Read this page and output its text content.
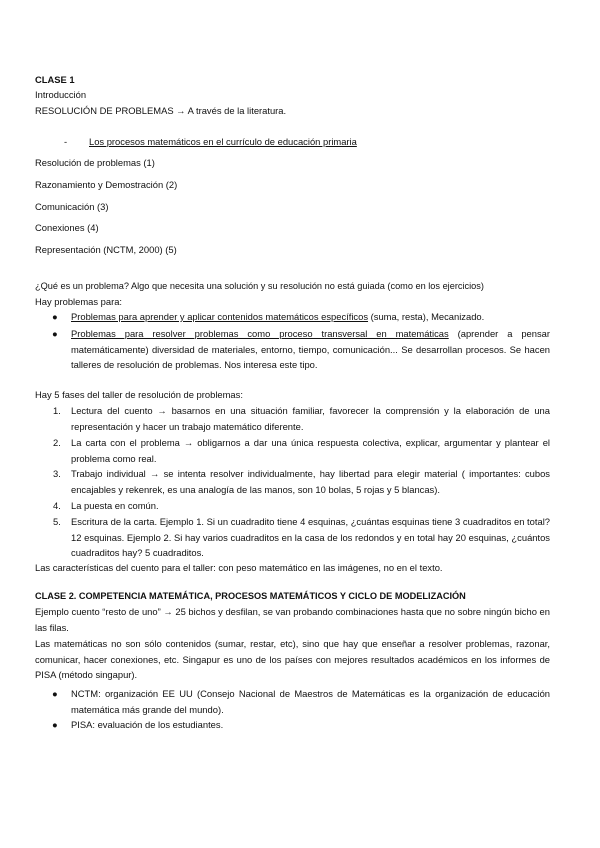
CLASE 1
Introducción
RESOLUCIÓN DE PROBLEMAS → A través de la literatura.
- Los procesos matemáticos en el currículo de educación primaria
Resolución de problemas (1)
Razonamiento y Demostración (2)
Comunicación (3)
Conexiones (4)
Representación (NCTM, 2000) (5)
¿Qué es un problema? Algo que necesita una solución y su resolución no está guiada (como en los ejercicios)
Hay problemas para:
● Problemas para aprender y aplicar contenidos matemáticos específicos (suma, resta), Mecanizado.
● Problemas para resolver problemas como proceso transversal en matemáticas (aprender a pensar matemáticamente) diversidad de materiales, entorno, tiempo, comunicación... Se desarrollan procesos. Se hacen talleres de resolución de problemas. Nos interesa este tipo.
Hay 5 fases del taller de resolución de problemas:
1. Lectura del cuento → basarnos en una situación familiar, favorecer la comprensión y la elaboración de una representación y hacer un trabajo matemático diferente.
2. La carta con el problema → obligarnos a dar una única respuesta colectiva, explicar, argumentar y plantear el problema como real.
3. Trabajo individual → se intenta resolver individualmente, hay libertad para elegir material ( importantes: cubos encajables y rekenrek, es una analogía de las manos, son 10 bolas, 5 rojas y 5 blancas).
4. La puesta en común.
5. Escritura de la carta. Ejemplo 1. Si un cuadradito tiene 4 esquinas, ¿cuántas esquinas tiene 3 cuadraditos en total? 12 esquinas. Ejemplo 2. Si hay varios cuadraditos en la casa de los redondos y en total hay 20 esquinas, ¿cuántos cuadraditos hay? 5 cuadraditos.
Las características del cuento para el taller: con peso matemático en las imágenes, no en el texto.
CLASE 2. COMPETENCIA MATEMÁTICA, PROCESOS MATEMÁTICOS Y CICLO DE MODELIZACIÓN
Ejemplo cuento “resto de uno” → 25 bichos y desfilan, se van probando combinaciones hasta que no sobre ningún bicho en las filas.
Las matemáticas no son sólo contenidos (sumar, restar, etc), sino que hay que enseñar a resolver problemas, razonar, comunicar, hacer conexiones, etc. Singapur es uno de los países con mejores resultados académicos en los informes de PISA (método singapur).
● NCTM: organización EE UU (Consejo Nacional de Maestros de Matemáticas es la organización de educación matemática más grande del mundo).
● PISA: evaluación de los estudiantes.
